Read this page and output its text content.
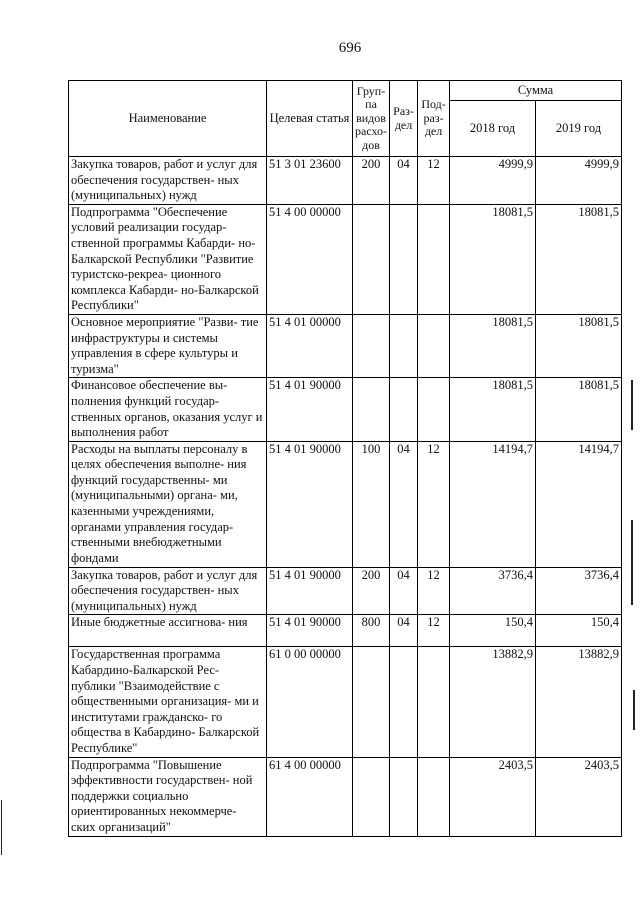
696
Наименование	Целевая статья	Груп- па видов расхо- дов	Раз- дел	Под- раз- дел	Сумма	
					2018 год	2019 год
Закупка товаров, работ и услуг для обеспечения государствен- ных (муниципальных) нужд	51 3 01 23600	200	04	12	4999,9	4999,9
Подпрограмма "Обеспечение условий реализации государ- ственной программы Кабарди- но-Балкарской Республики "Развитие туристско-рекреа- ционного комплекса Кабарди- но-Балкарской Республики"	51 4 00 00000				18081,5	18081,5
Основное мероприятие "Разви- тие инфраструктуры и системы управления в сфере культуры и туризма"	51 4 01 00000				18081,5	18081,5
Финансовое обеспечение вы- полнения функций государ- ственных органов, оказания услуг и выполнения работ	51 4 01 90000				18081,5	18081,5
Расходы на выплаты персоналу в целях обеспечения выполне- ния функций государственны- ми (муниципальными) органа- ми, казенными учреждениями, органами управления государ- ственными внебюджетными фондами	51 4 01 90000	100	04	12	14194,7	14194,7
Закупка товаров, работ и услуг для обеспечения государствен- ных (муниципальных) нужд	51 4 01 90000	200	04	12	3736,4	3736,4
Иные бюджетные ассигнова- ния	51 4 01 90000	800	04	12	150,4	150,4
Государственная программа Кабардино-Балкарской Рес- публики "Взаимодействие с общественными организация- ми и институтами гражданско- го общества в Кабардино- Балкарской Республике"	61 0 00 00000				13882,9	13882,9
Подпрограмма "Повышение эффективности государствен- ной поддержки социально ориентированных некоммерче- ских организаций"	61 4 00 00000				2403,5	2403,5
